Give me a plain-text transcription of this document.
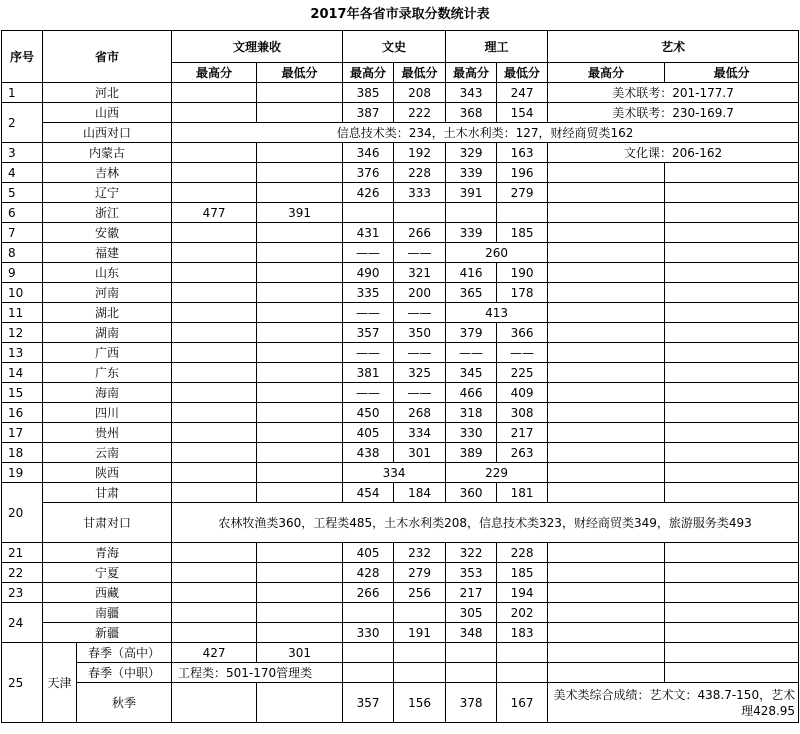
2017年各省市录取分数统计表
序号	省市		文理兼收		文史		理工		艺术	
			最高分	最低分	最高分	最低分	最高分	最低分	最高分	最低分
1	河北				385	208	343	247	美术联考：201-177.7	
2	山西				387	222	368	154	美术联考：230-169.7	
	山西对口		信息技术类：234，土木水利类：127，财经商贸类162							
3	内蒙古				346	192	329	163	文化课：206-162	
4	吉林				376	228	339	196		
5	辽宁				426	333	391	279		
6	浙江		477	391						
7	安徽				431	266	339	185		
8	福建				——	——	260			
9	山东				490	321	416	190		
10	河南				335	200	365	178		
11	湖北				——	——	413			
12	湖南				357	350	379	366		
13	广西				——	——	——	——		
14	广东				381	325	345	225		
15	海南				——	——	466	409		
16	四川				450	268	318	308		
17	贵州				405	334	330	217		
18	云南				438	301	389	263		
19	陕西				334		229			
20	甘肃				454	184	360	181		
	甘肃对口		农林牧渔类360，工程类485，土木水利类208，信息技术类323，财经商贸类349，旅游服务类493							
21	青海				405	232	322	228		
22	宁夏				428	279	353	185		
23	西藏				266	256	217	194		
24	南疆						305	202		
	新疆				330	191	348	183		
25	天津	春季（高中）	427	301						
		春季（中职）	工程类：501-170管理类							
		秋季			357	156	378	167	美术类综合成绩：艺术文：438.7-150，艺术理428.95	
